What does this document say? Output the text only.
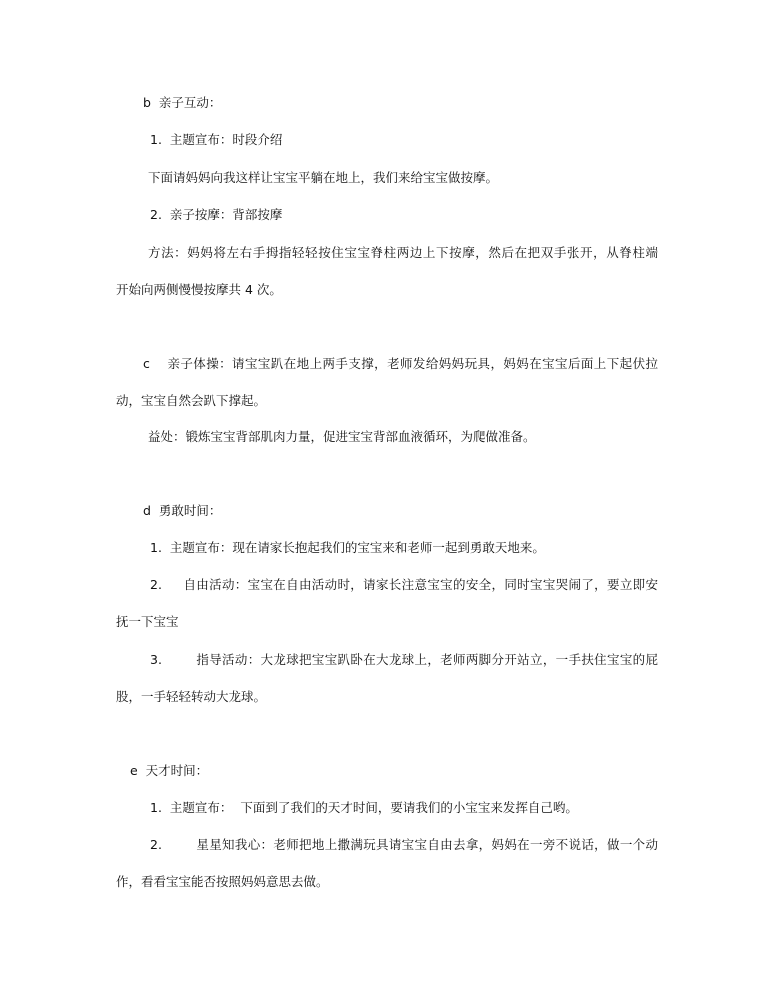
b  亲子互动：
1.  主题宣布：时段介绍
下面请妈妈向我这样让宝宝平躺在地上，我们来给宝宝做按摩。
2.  亲子按摩：背部按摩
方法：妈妈将左右手拇指轻轻按住宝宝脊柱两边上下按摩，然后在把双手张开，从脊柱端
开始向两侧慢慢按摩共 4 次。
c    亲子体操：请宝宝趴在地上两手支撑，老师发给妈妈玩具，妈妈在宝宝后面上下起伏拉
动，宝宝自然会趴下撑起。
益处：锻炼宝宝背部肌肉力量，促进宝宝背部血液循环，为爬做准备。
d  勇敢时间：
1.  主题宣布：现在请家长抱起我们的宝宝来和老师一起到勇敢天地来。
2.     自由活动：宝宝在自由活动时，请家长注意宝宝的安全，同时宝宝哭闹了，要立即安
抚一下宝宝
3.        指导活动：大龙球把宝宝趴卧在大龙球上，老师两脚分开站立，一手扶住宝宝的屁
股，一手轻轻转动大龙球。
e  天才时间：
1.  主题宣布：  下面到了我们的天才时间，要请我们的小宝宝来发挥自己哟。
2.        星星知我心：老师把地上撒满玩具请宝宝自由去拿，妈妈在一旁不说话，做一个动
作，看看宝宝能否按照妈妈意思去做。
